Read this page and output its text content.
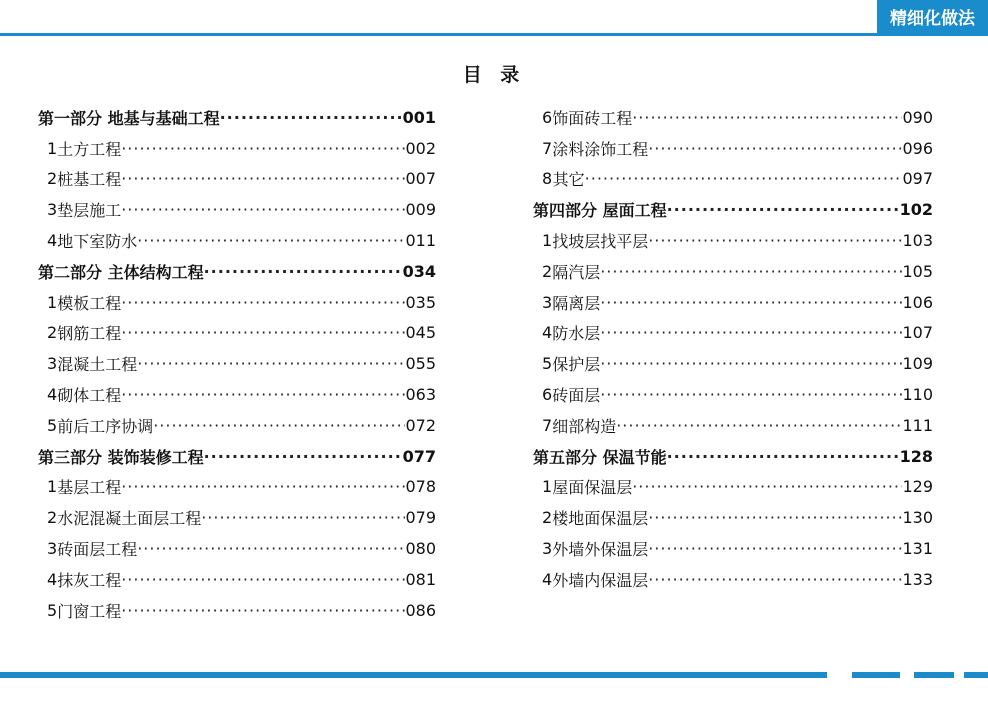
精细化做法
目 录
第一部分 地基与基础工程 ·····	001
1 土方工程 ·····	002
2 桩基工程 ·····	007
3 垫层施工 ·····	009
4 地下室防水 ·····	011
第二部分 主体结构工程 ·····	034
1 模板工程 ·····	035
2 钢筋工程 ·····	045
3 混凝土工程 ·····	055
4 砌体工程 ·····	063
5 前后工序协调 ·····	072
第三部分 装饰装修工程 ·····	077
1 基层工程 ·····	078
2 水泥混凝土面层工程 ·····	079
3 砖面层工程 ·····	080
4 抹灰工程 ·····	081
5 门窗工程 ·····	086
6 饰面砖工程 ·····	090
7 涂料涂饰工程 ·····	096
8 其它 ·····	097
第四部分 屋面工程 ·····	102
1 找坡层找平层 ·····	103
2 隔汽层 ·····	105
3 隔离层 ·····	106
4 防水层 ·····	107
5 保护层 ·····	109
6 砖面层 ·····	110
7 细部构造 ·····	111
第五部分 保温节能 ·····	128
1 屋面保温层 ·····	129
2 楼地面保温层 ·····	130
3 外墙外保温层 ·····	131
4 外墙内保温层 ·····	133
